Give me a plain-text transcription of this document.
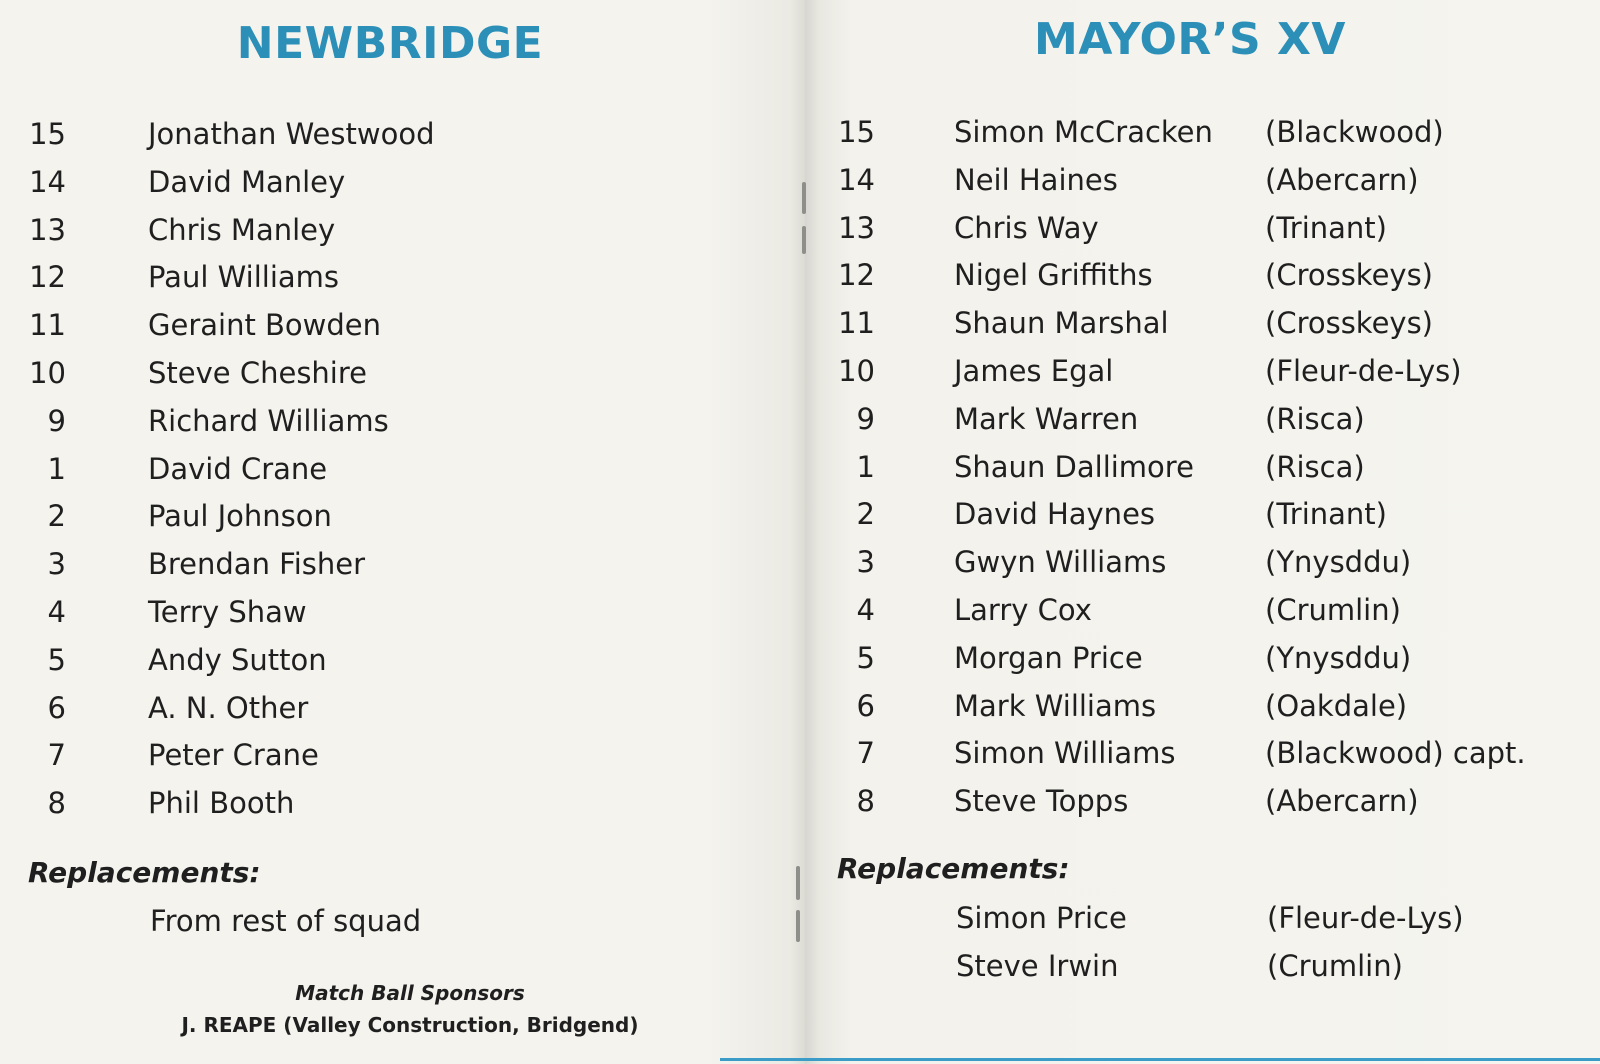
NEWBRIDGE
15	Jonathan Westwood
14	David Manley
13	Chris Manley
12	Paul Williams
11	Geraint Bowden
10	Steve Cheshire
9	Richard Williams
1	David Crane
2	Paul Johnson
3	Brendan Fisher
4	Terry Shaw
5	Andy Sutton
6	A. N. Other
7	Peter Crane
8	Phil Booth
Replacements:
From rest of squad
Match Ball Sponsors
J. REAPE (Valley Construction, Bridgend)
MAYOR’S XV
15	Simon McCracken (Blackwood)
14	Neil Haines	(Abercarn)
13	Chris Way	(Trinant)
12	Nigel Griffiths	(Crosskeys)
11	Shaun Marshal	(Crosskeys)
10	James Egal	(Fleur-de-Lys)
9	Mark Warren	(Risca)
1	Shaun Dallimore (Risca)
2	David Haynes	(Trinant)
3	Gwyn Williams	(Ynysddu)
4	Larry Cox	(Crumlin)
5	Morgan Price	(Ynysddu)
6	Mark Williams	(Oakdale)
7	Simon Williams	(Blackwood) capt.
8	Steve Topps	(Abercarn)
Replacements:
Simon Price	(Fleur-de-Lys)
Steve Irwin	(Crumlin)
